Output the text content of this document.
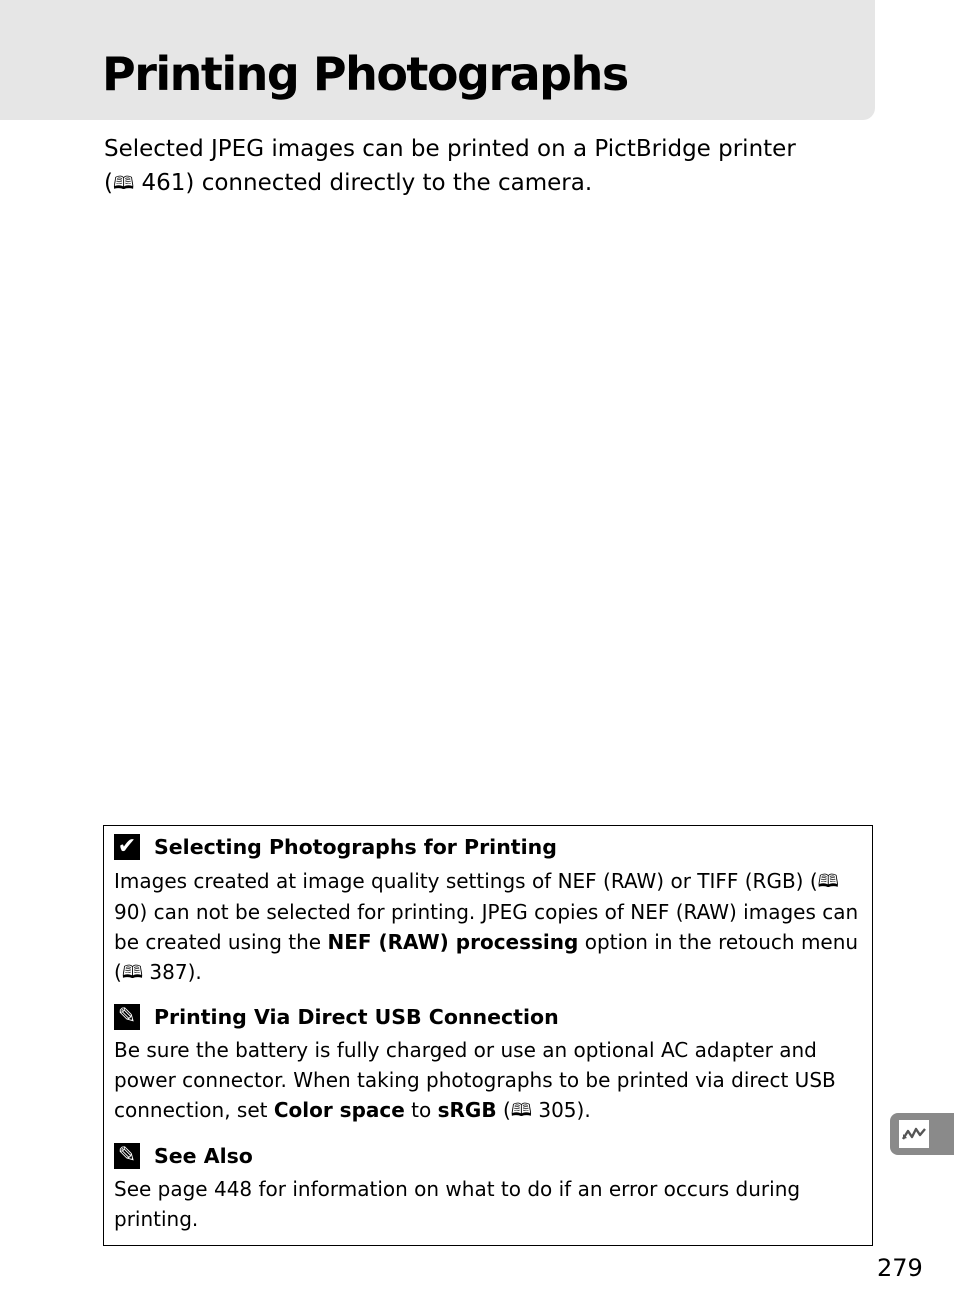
Printing Photographs

Selected JPEG images can be printed on a PictBridge printer
(🕮 461) connected directly to the camera.

✔ Selecting Photographs for Printing

Images created at image quality settings of NEF (RAW) or TIFF (RGB) (🕮 90) can not be selected for printing. JPEG copies of NEF (RAW) images can be created using the NEF (RAW) processing option in the retouch menu (🕮 387).

✎ Printing Via Direct USB Connection

Be sure the battery is fully charged or use an optional AC adapter and power connector. When taking photographs to be printed via direct USB connection, set Color space to sRGB (🕮 305).

✎ See Also

See page 448 for information on what to do if an error occurs during printing.

279
